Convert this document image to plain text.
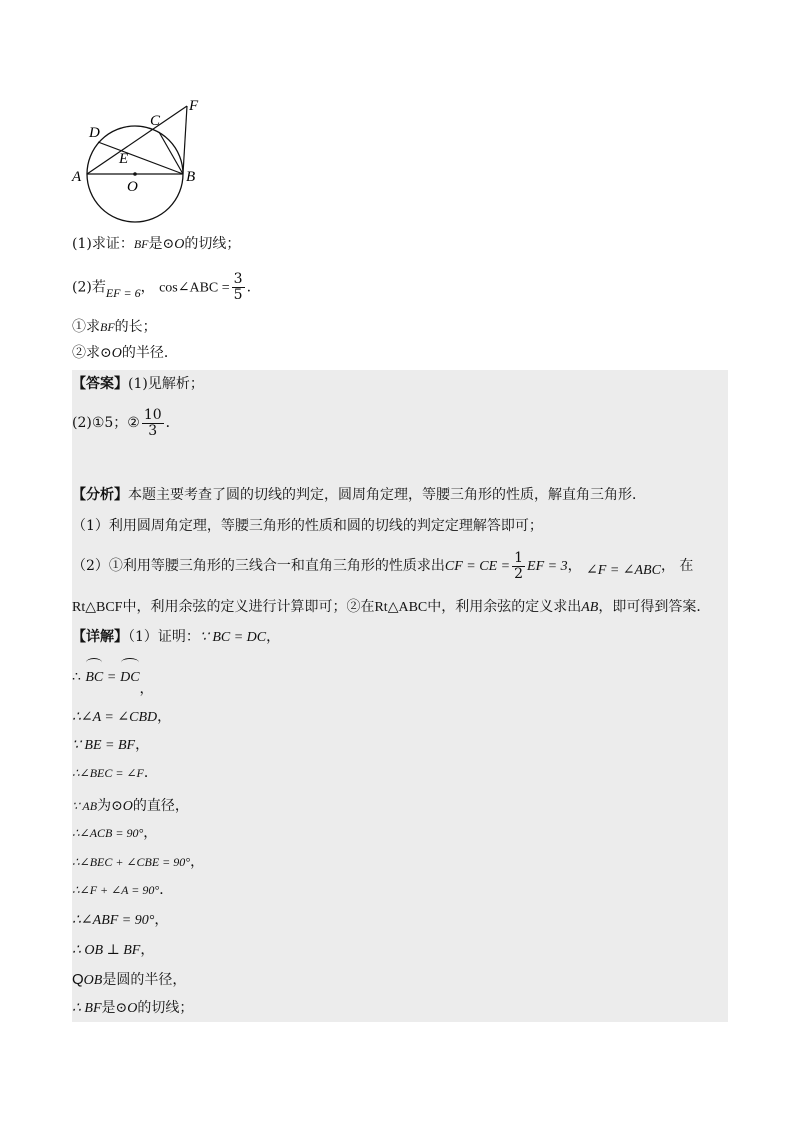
A	B
C
D
E
F
O
(1)求证：BF是⊙O的切线；
(2)若EF = 6， cos∠ABC = $\frac{3}{5}$ .
①求BF的长；
②求⊙O的半径．
【答案】(1)见解析；
(2)①5；② $\frac{10}{3}$ ．
【分析】本题主要考查了圆的切线的判定，圆周角定理，等腰三角形的性质，解直角三角形．
（1）利用圆周角定理，等腰三角形的性质和圆的切线的判定定理解答即可；
（2）①利用等腰三角形的三线合一和直角三角形的性质求出CF = CE = $\frac{1}{2}$ EF = 3， ∠F = ∠ABC， 在
Rt△BCF中，利用余弦的定义进行计算即可；②在Rt△ABC中，利用余弦的定义求出AB，即可得到答案．
【详解】（1）证明：∵ BC = DC，
∴ BC = DC，
∴∠A = ∠CBD，
∵ BE = BF，
∴∠BEC = ∠F．
∵ AB为⊙O的直径，
∴∠ACB = 90°，
∴∠BEC + ∠CBE = 90°，
∴∠F + ∠A = 90°．
∴∠ABF = 90°，
∴ OB ⊥ BF，
QOB是圆的半径，
∴ BF是⊙O的切线；
